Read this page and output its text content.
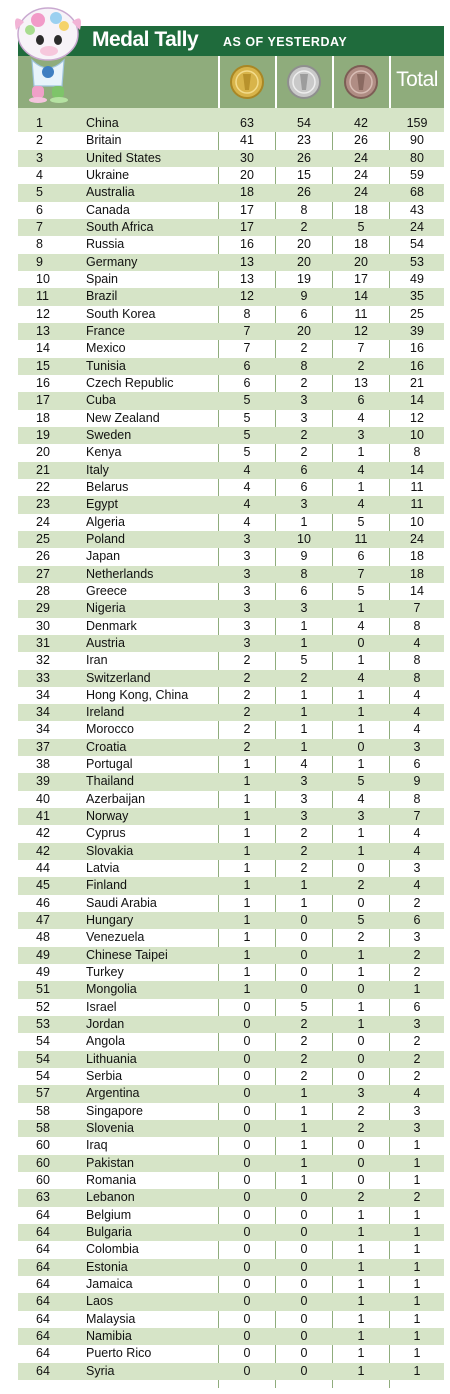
Medal Tally AS OF YESTERDAY
Total
1	China	63	54	42	159
2	Britain	41	23	26	90
3	United States	30	26	24	80
4	Ukraine	20	15	24	59
5	Australia	18	26	24	68
6	Canada	17	8	18	43
7	South Africa	17	2	5	24
8	Russia	16	20	18	54
9	Germany	13	20	20	53
10	Spain	13	19	17	49
11	Brazil	12	9	14	35
12	South Korea	8	6	11	25
13	France	7	20	12	39
14	Mexico	7	2	7	16
15	Tunisia	6	8	2	16
16	Czech Republic	6	2	13	21
17	Cuba	5	3	6	14
18	New Zealand	5	3	4	12
19	Sweden	5	2	3	10
20	Kenya	5	2	1	8
21	Italy	4	6	4	14
22	Belarus	4	6	1	11
23	Egypt	4	3	4	11
24	Algeria	4	1	5	10
25	Poland	3	10	11	24
26	Japan	3	9	6	18
27	Netherlands	3	8	7	18
28	Greece	3	6	5	14
29	Nigeria	3	3	1	7
30	Denmark	3	1	4	8
31	Austria	3	1	0	4
32	Iran	2	5	1	8
33	Switzerland	2	2	4	8
34	Hong Kong, China	2	1	1	4
34	Ireland	2	1	1	4
34	Morocco	2	1	1	4
37	Croatia	2	1	0	3
38	Portugal	1	4	1	6
39	Thailand	1	3	5	9
40	Azerbaijan	1	3	4	8
41	Norway	1	3	3	7
42	Cyprus	1	2	1	4
42	Slovakia	1	2	1	4
44	Latvia	1	2	0	3
45	Finland	1	1	2	4
46	Saudi Arabia	1	1	0	2
47	Hungary	1	0	5	6
48	Venezuela	1	0	2	3
49	Chinese Taipei	1	0	1	2
49	Turkey	1	0	1	2
51	Mongolia	1	0	0	1
52	Israel	0	5	1	6
53	Jordan	0	2	1	3
54	Angola	0	2	0	2
54	Lithuania	0	2	0	2
54	Serbia	0	2	0	2
57	Argentina	0	1	3	4
58	Singapore	0	1	2	3
58	Slovenia	0	1	2	3
60	Iraq	0	1	0	1
60	Pakistan	0	1	0	1
60	Romania	0	1	0	1
63	Lebanon	0	0	2	2
64	Belgium	0	0	1	1
64	Bulgaria	0	0	1	1
64	Colombia	0	0	1	1
64	Estonia	0	0	1	1
64	Jamaica	0	0	1	1
64	Laos	0	0	1	1
64	Malaysia	0	0	1	1
64	Namibia	0	0	1	1
64	Puerto Rico	0	0	1	1
64	Syria	0	0	1	1
